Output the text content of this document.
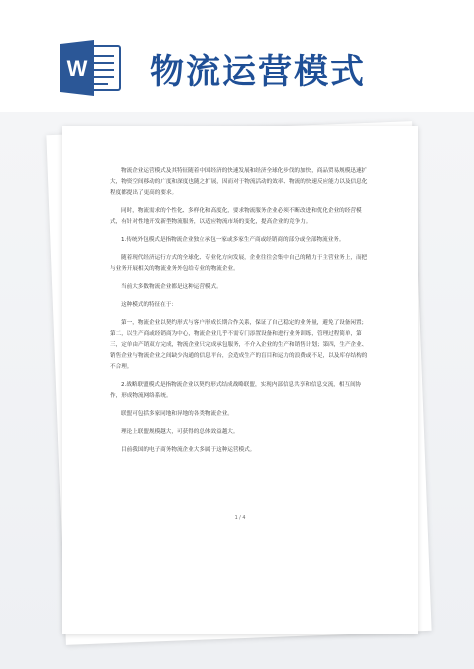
W 物流运营模式

物流企业运营模式及其特征随着中国经济的快速发展和经济全球化步伐的加快，商品贸易规模迅速扩大，物资空间移动的广度和深度也随之扩展，因而对于物流活动的效率、物流的快速反应能力以及信息化程度都提出了更高的要求。

同时，物流需求的个性化、多样化和高度化，要求物流服务企业必须不断改进和优化企业的经营模式，有针对性地开发新型物流服务，以适应物流市场的变化，提高企业的竞争力。

1.传统外包模式是指物流企业独立承包一家或多家生产商或经销商的部分或全部物流业务。

随着现代经济运行方式的全球化、专业化方向发展，企业往往会集中自己的精力于主营业务上，而把与业务开展相关的物流业务外包给专业的物流企业。

当前大多数物流企业都是这种运营模式。

这种模式的特征在于：

第一，物流企业以契约形式与客户形成长期合作关系，保证了自己稳定的业务量，避免了设备闲置；第二，以生产商或经销商为中心，物流企业几乎不需专门添置设备和进行业务训练，管理过程简单，第三，定单由产销双方完成，物流企业只完成承包服务，不介入企业的生产和销售计划；第四，生产企业、销售企业与物流企业之间缺少沟通的信息平台，会造成生产的盲目和运力的浪费或不足，以及库存结构的不合理。

2.战略联盟模式是指物流企业以契约形式结成战略联盟，实现内部信息共享和信息交流，相互间协作，形成物流网络系统。

联盟可包括多家同地和异地的各类物流企业。

理论上联盟规模越大，可获得的总体效益越大。

目前我国的电子商务物流企业大多属于这种运营模式。

1 / 4
